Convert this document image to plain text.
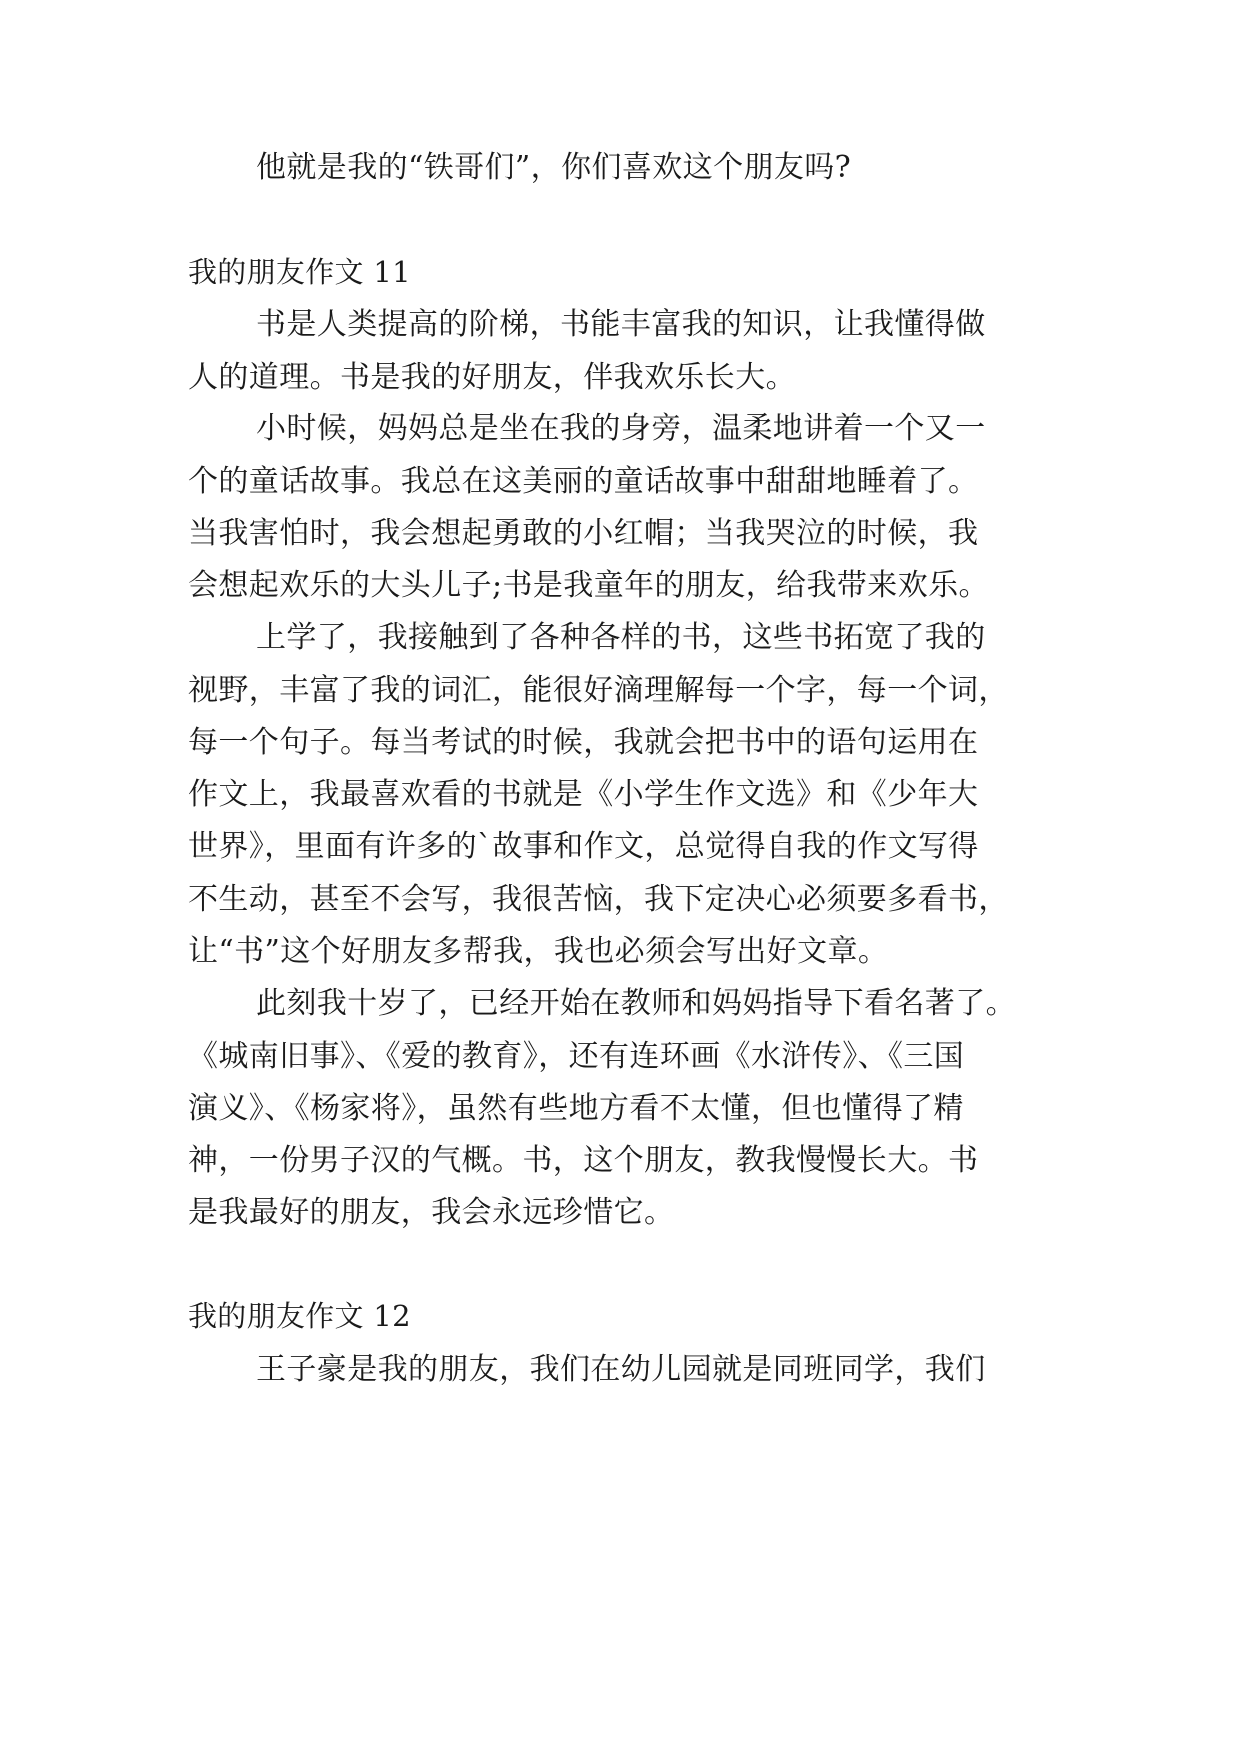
他就是我的“铁哥们”，你们喜欢这个朋友吗?
我的朋友作文 11
书是人类提高的阶梯，书能丰富我的知识，让我懂得做
人的道理。书是我的好朋友，伴我欢乐长大。
小时候，妈妈总是坐在我的身旁，温柔地讲着一个又一
个的童话故事。我总在这美丽的童话故事中甜甜地睡着了。
当我害怕时，我会想起勇敢的小红帽；当我哭泣的时候，我
会想起欢乐的大头儿子;书是我童年的朋友，给我带来欢乐。
上学了，我接触到了各种各样的书，这些书拓宽了我的
视野，丰富了我的词汇，能很好滴理解每一个字，每一个词，
每一个句子。每当考试的时候，我就会把书中的语句运用在
作文上，我最喜欢看的书就是《小学生作文选》和《少年大
世界》，里面有许多的`故事和作文，总觉得自我的作文写得
不生动，甚至不会写，我很苦恼，我下定决心必须要多看书，
让“书”这个好朋友多帮我，我也必须会写出好文章。
此刻我十岁了，已经开始在教师和妈妈指导下看名著了。
《城南旧事》、《爱的教育》，还有连环画《水浒传》、《三国
演义》、《杨家将》，虽然有些地方看不太懂，但也懂得了精
神，一份男子汉的气概。书，这个朋友，教我慢慢长大。书
是我最好的朋友，我会永远珍惜它。
我的朋友作文 12
王子豪是我的朋友，我们在幼儿园就是同班同学，我们
